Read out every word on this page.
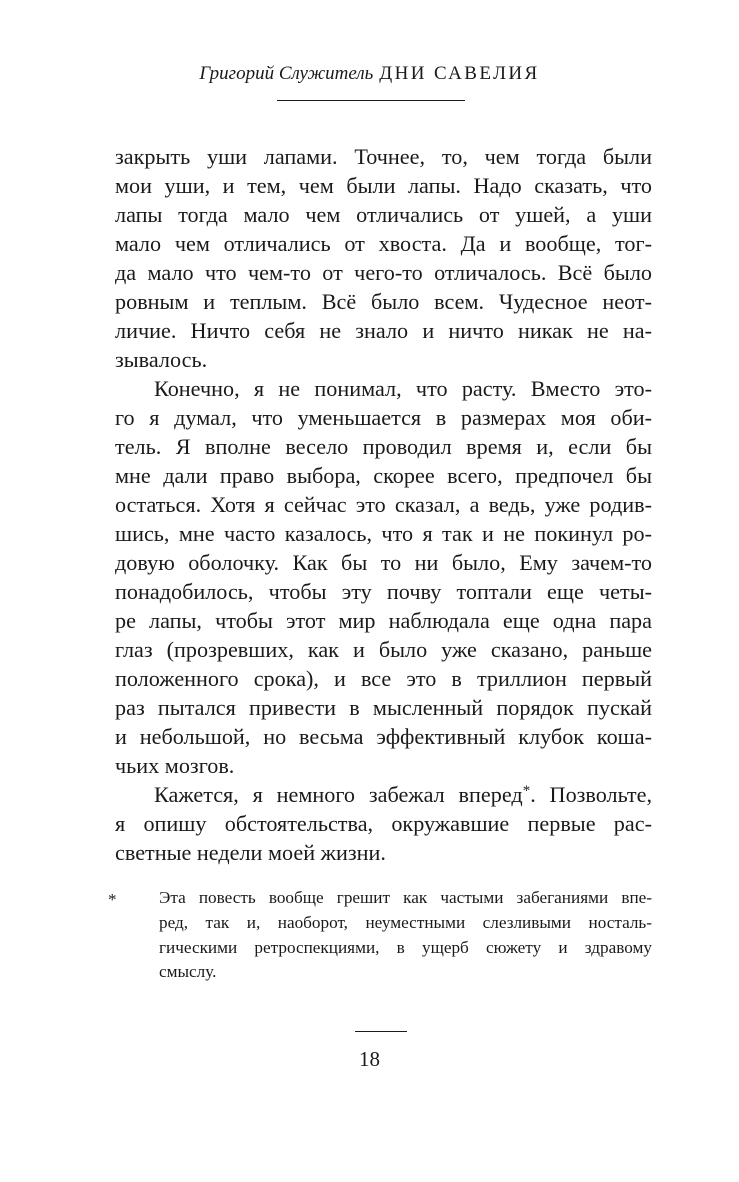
Григорий Служитель ДНИ САВЕЛИЯ
закрыть уши лапами. Точнее, то, чем тогда были
мои уши, и тем, чем были лапы. Надо сказать, что
лапы тогда мало чем отличались от ушей, а уши
мало чем отличались от хвоста. Да и вообще, тог-
да мало что чем-то от чего-то отличалось. Всё было
ровным и теплым. Всё было всем. Чудесное неот-
личие. Ничто себя не знало и ничто никак не на-
зывалось.
Конечно, я не понимал, что расту. Вместо это-
го я думал, что уменьшается в размерах моя оби-
тель. Я вполне весело проводил время и, если бы
мне дали право выбора, скорее всего, предпочел бы
остаться. Хотя я сейчас это сказал, а ведь, уже родив-
шись, мне часто казалось, что я так и не покинул ро-
довую оболочку. Как бы то ни было, Ему зачем-то
понадобилось, чтобы эту почву топтали еще четы-
ре лапы, чтобы этот мир наблюдала еще одна пара
глаз (прозревших, как и было уже сказано, раньше
положенного срока), и все это в триллион первый
раз пытался привести в мысленный порядок пускай
и небольшой, но весьма эффективный клубок коша-
чьих мозгов.
Кажется, я немного забежал вперед*. Позвольте,
я опишу обстоятельства, окружавшие первые рас-
светные недели моей жизни.
* Эта повесть вообще грешит как частыми забеганиями впе-
ред, так и, наоборот, неуместными слезливыми носталь-
гическими ретроспекциями, в ущерб сюжету и здравому
смыслу.
18
